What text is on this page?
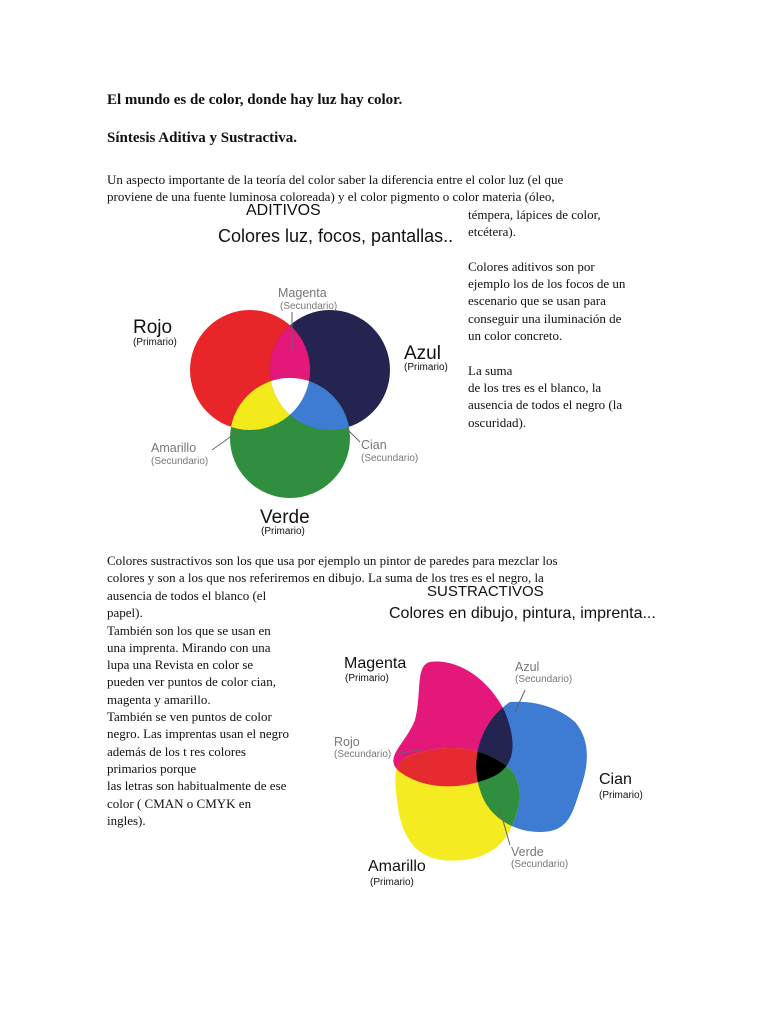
El mundo es de color, donde hay luz hay color.
Síntesis Aditiva y Sustractiva.
Un aspecto importante de la teoría del color saber la diferencia entre el color luz (el que
proviene de una fuente luminosa coloreada) y el color pigmento o color materia (óleo,
témpera, lápices de color,
etcétera).
Colores aditivos son por
ejemplo los de los focos de un
escenario que se usan para
conseguir una iluminación de
un color concreto.
La suma
de los tres es el blanco, la
ausencia de todos el negro (la
oscuridad).
ADITIVOS
Colores luz, focos, pantallas..
Rojo
(Primario)
Magenta
(Secundario)
Azul
(Primario)
Amarillo
(Secundario)
Cian
(Secundario)
Verde
(Primario)
Colores sustractivos son los que usa por ejemplo un pintor de paredes para mezclar los
colores y son a los que nos referiremos en dibujo. La suma de los tres es el negro, la
ausencia de todos el blanco (el
papel).
También son los que se usan en
una imprenta. Mirando con una
lupa una Revista en color se
pueden ver puntos de color cian,
magenta y amarillo.
También se ven puntos de color
negro. Las imprentas usan el negro
además de los t res colores
primarios porque
las letras son habitualmente de ese
color ( CMAN o CMYK en
ingles).
SUSTRACTIVOS
Colores en dibujo, pintura, imprenta...
Magenta
(Primario)
Azul
(Secundario)
Rojo
(Secundario)
Cian
(Primario)
Verde
(Secundario)
Amarillo
(Primario)
